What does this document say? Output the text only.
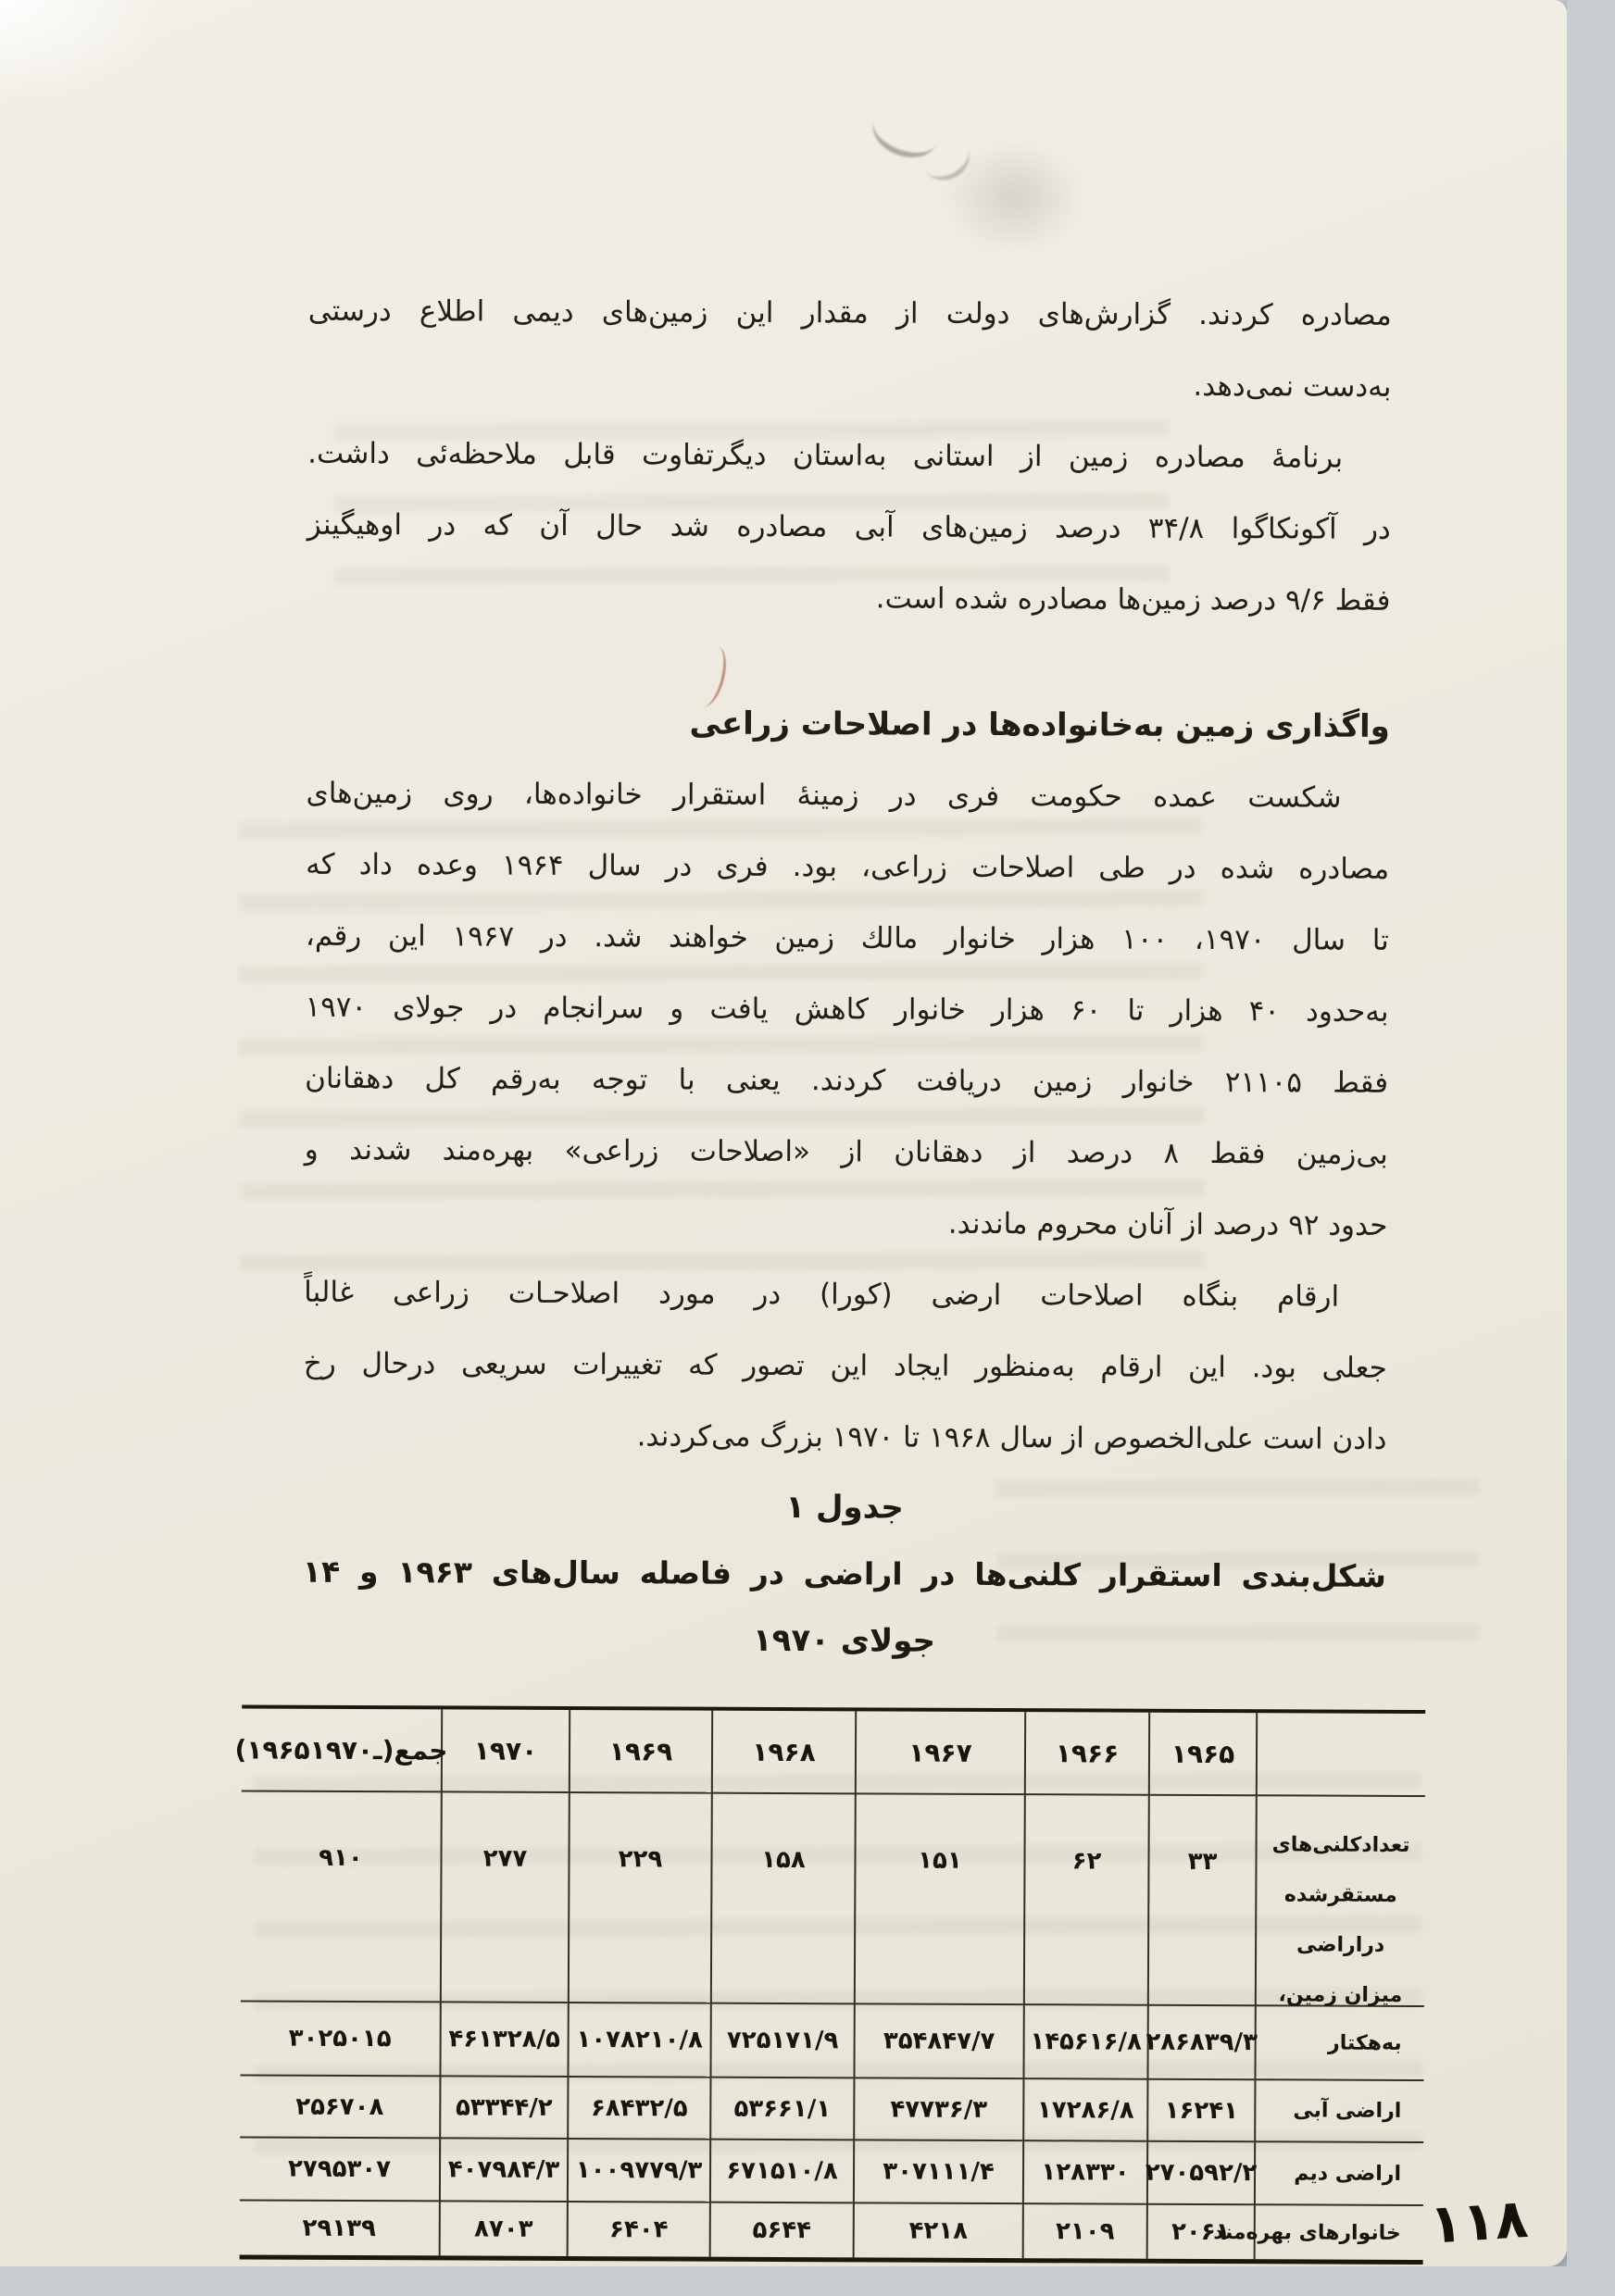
مصادره کردند. گزارش‌های دولت از مقدار این زمین‌های دیمی اطلاع درستی
به‌دست نمی‌دهد.
برنامهٔ مصادره زمین از استانی به‌استان دیگرتفاوت قابل ملاحظه‌ئی داشت.
در آکونکاگوا ۳۴/۸ درصد زمین‌های آبی مصادره شد حال آن که در اوهیگینز
فقط ۹/۶ درصد زمین‌ها مصادره شده است.
واگذاری زمین به‌خانواده‌ها در اصلاحات زراعی
شکست عمده حکومت فری در زمینهٔ استقرار خانواده‌ها، روی زمین‌های
مصادره شده در طی اصلاحات زراعی، بود. فری در سال ۱۹۶۴ وعده داد که
تا سال ۱۹۷۰، ۱۰۰ هزار خانوار مالك زمین خواهند شد. در ۱۹۶۷ این رقم،
به‌حدود ۴۰ هزار تا ۶۰ هزار خانوار کاهش یافت و سرانجام در جولای ۱۹۷۰
فقط ۲۱۱۰۵ خانوار زمین دریافت کردند. یعنی با توجه به‌رقم کل دهقانان
بی‌زمین فقط ۸ درصد از دهقانان از «اصلاحات زراعی» بهره‌مند شدند و
حدود ۹۲ درصد از آنان محروم ماندند.
ارقام بنگاه اصلاحات ارضی (کورا) در مورد اصلاحـات زراعی غالباً
جعلی بود. این ارقام به‌منظور ایجاد این تصور که تغییرات سریعی درحال رخ
دادن است علی‌الخصوص از سال ۱۹۶۸ تا ۱۹۷۰ بزرگ می‌کردند.
جدول ۱
شکل‌بندی استقرار کلنی‌ها در اراضی در فاصله سال‌های ۱۹۶۳ و ۱۴
جولای ۱۹۷۰
۱۹۶۵
۱۹۶۶
۱۹۶۷
۱۹۶۸
۱۹۶۹
۱۹۷۰
جمع(⁦۱۹۶۵ـ۱۹۷۰⁩)
تعدادکلنی‌های
مستقرشده
دراراضی
میزان زمین،
۳۳
۶۲
۱۵۱
۱۵۸
۲۲۹
۲۷۷
۹۱۰
به‌هکتار
۲۸۶۸۳۹/۳
۱۴۵۶۱۶/۸
۳۵۴۸۴۷/۷
۷۲۵۱۷۱/۹
۱۰۷۸۲۱۰/۸
۴۶۱۳۲۸/۵
۳۰۲۵۰۱۵
اراضی آبی
۱۶۲۴۱
۱۷۲۸۶/۸
۴۷۷۳۶/۳
۵۳۶۶۱/۱
۶۸۴۳۲/۵
۵۳۳۴۴/۲
۲۵۶۷۰۸
اراضی دیم
۲۷۰۵۹۲/۲
۱۲۸۳۳۰
۳۰۷۱۱۱/۴
۶۷۱۵۱۰/۸
۱۰۰۹۷۷۹/۳
۴۰۷۹۸۴/۳
۲۷۹۵۳۰۷
خانوارهای بهره‌مند
۲۰۶۱
۲۱۰۹
۴۲۱۸
۵۶۴۴
۶۴۰۴
۸۷۰۳
۲۹۱۳۹	۱۱۸
